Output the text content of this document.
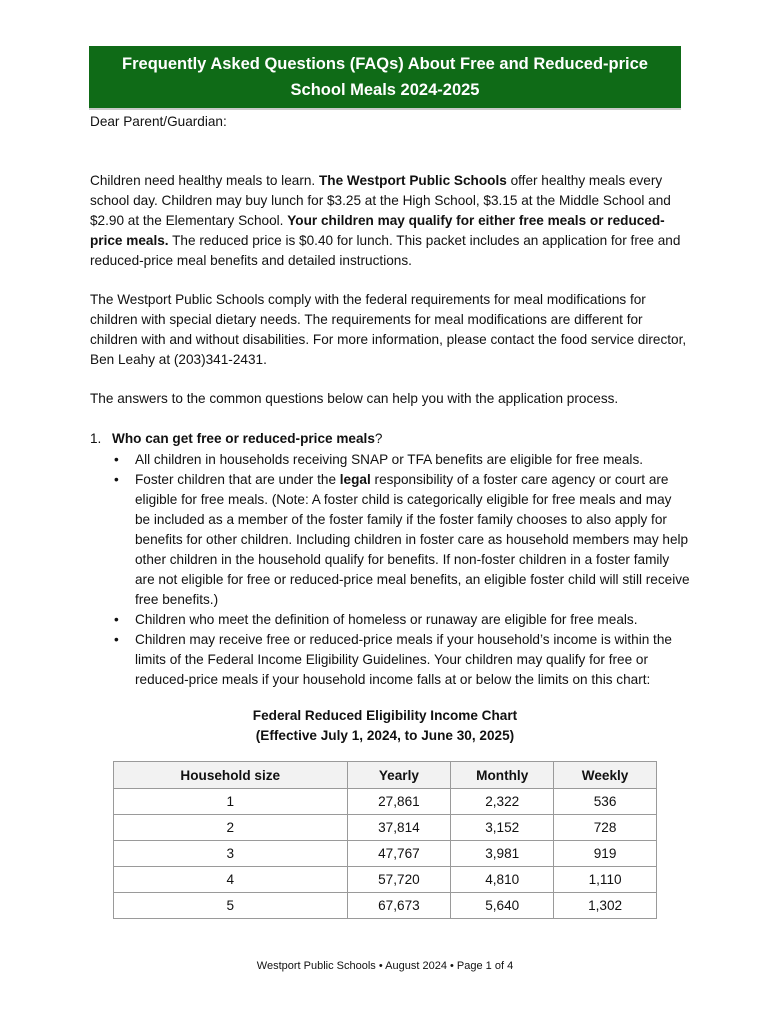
Frequently Asked Questions (FAQs) About Free and Reduced-price
School Meals 2024-2025

Dear Parent/Guardian:

Children need healthy meals to learn. The Westport Public Schools offer healthy meals every school day. Children may buy lunch for $3.25 at the High School, $3.15 at the Middle School and $2.90 at the Elementary School. Your children may qualify for either free meals or reduced-price meals. The reduced price is $0.40 for lunch. This packet includes an application for free and reduced-price meal benefits and detailed instructions.

The Westport Public Schools comply with the federal requirements for meal modifications for children with special dietary needs. The requirements for meal modifications are different for children with and without disabilities. For more information, please contact the food service director, Ben Leahy at (203)341-2431.

The answers to the common questions below can help you with the application process.

1. Who can get free or reduced-price meals?

• All children in households receiving SNAP or TFA benefits are eligible for free meals.
• Foster children that are under the legal responsibility of a foster care agency or court are eligible for free meals. (Note: A foster child is categorically eligible for free meals and may be included as a member of the foster family if the foster family chooses to also apply for benefits for other children. Including children in foster care as household members may help other children in the household qualify for benefits. If non-foster children in a foster family are not eligible for free or reduced-price meal benefits, an eligible foster child will still receive free benefits.)
• Children who meet the definition of homeless or runaway are eligible for free meals.
• Children may receive free or reduced-price meals if your household’s income is within the limits of the Federal Income Eligibility Guidelines. Your children may qualify for free or reduced-price meals if your household income falls at or below the limits on this chart:
Federal Reduced Eligibility Income Chart
(Effective July 1, 2024, to June 30, 2025)
Household size	Yearly	Monthly	Weekly
1	27,861	2,322	536
2	37,814	3,152	728
3	47,767	3,981	919
4	57,720	4,810	1,110
5	67,673	5,640	1,302
Westport Public Schools • August 2024 • Page 1 of 4
